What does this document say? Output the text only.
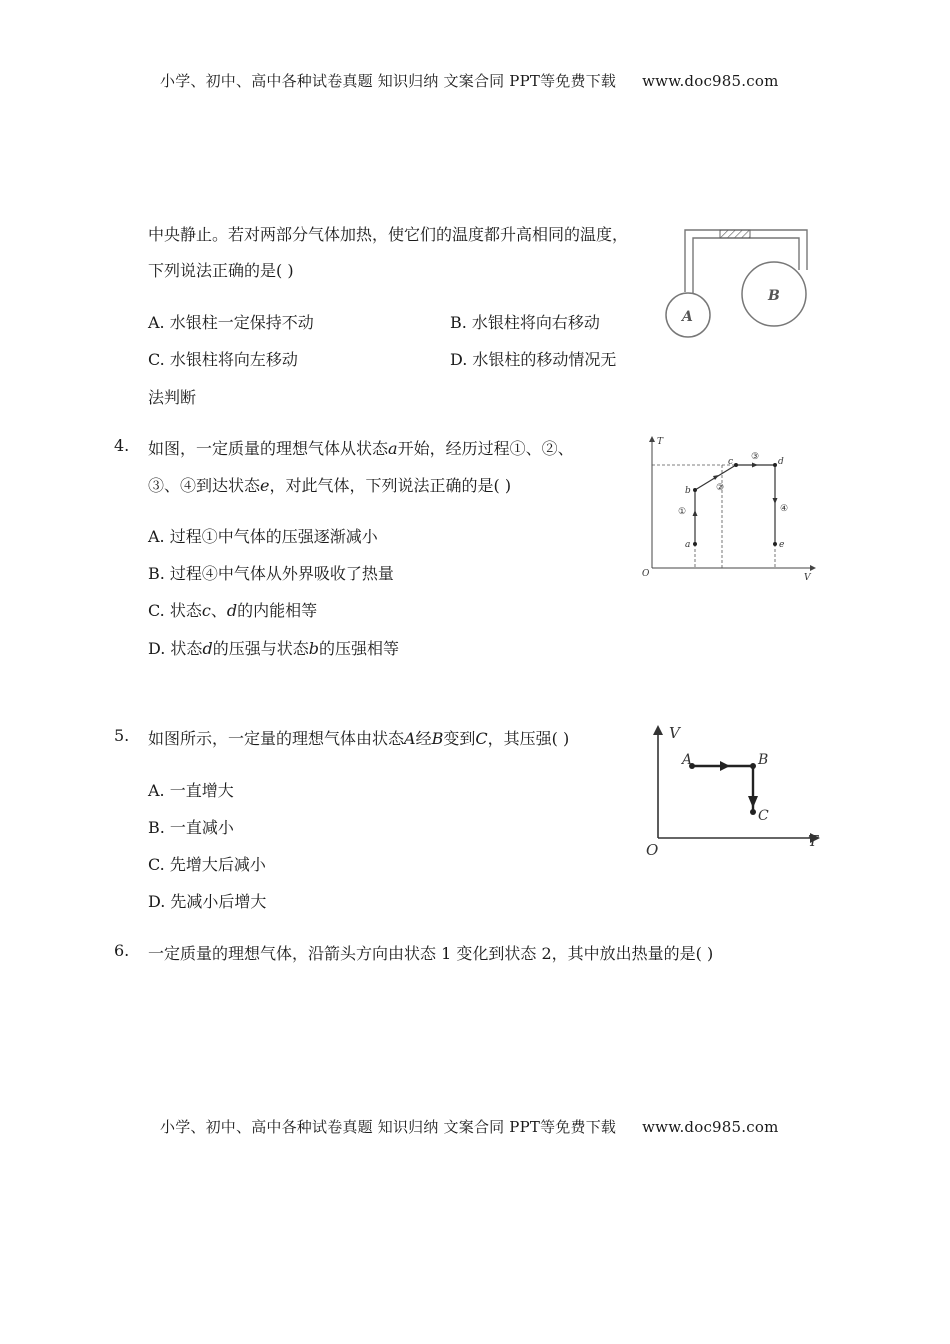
小学、初中、高中各种试卷真题 知识归纳 文案合同 PPT等免费下载 www.doc985.com
中央静止。若对两部分气体加热，使它们的温度都升高相同的温度，
下列说法正确的是( )
A. 水银柱一定保持不动	B. 水银柱将向右移动
C. 水银柱将向左移动	D. 水银柱的移动情况无
法判断
A
B
4. 如图，一定质量的理想气体从状态a开始，经历过程①、②、
③、④到达状态e，对此气体，下列说法正确的是( )
A. 过程①中气体的压强逐渐减小
B. 过程④中气体从外界吸收了热量
C. 状态c、d的内能相等
D. 状态d的压强与状态b的压强相等
T
V
O
a
b
c	d
e
①
②
③
④
5. 如图所示，一定量的理想气体由状态A经B变到C，其压强( )
A. 一直增大
B. 一直减小
C. 先增大后减小
D. 先减小后增大
V
T
O
A	B
C
6. 一定质量的理想气体，沿箭头方向由状态 1 变化到状态 2，其中放出热量的是( )
小学、初中、高中各种试卷真题 知识归纳 文案合同 PPT等免费下载 www.doc985.com
